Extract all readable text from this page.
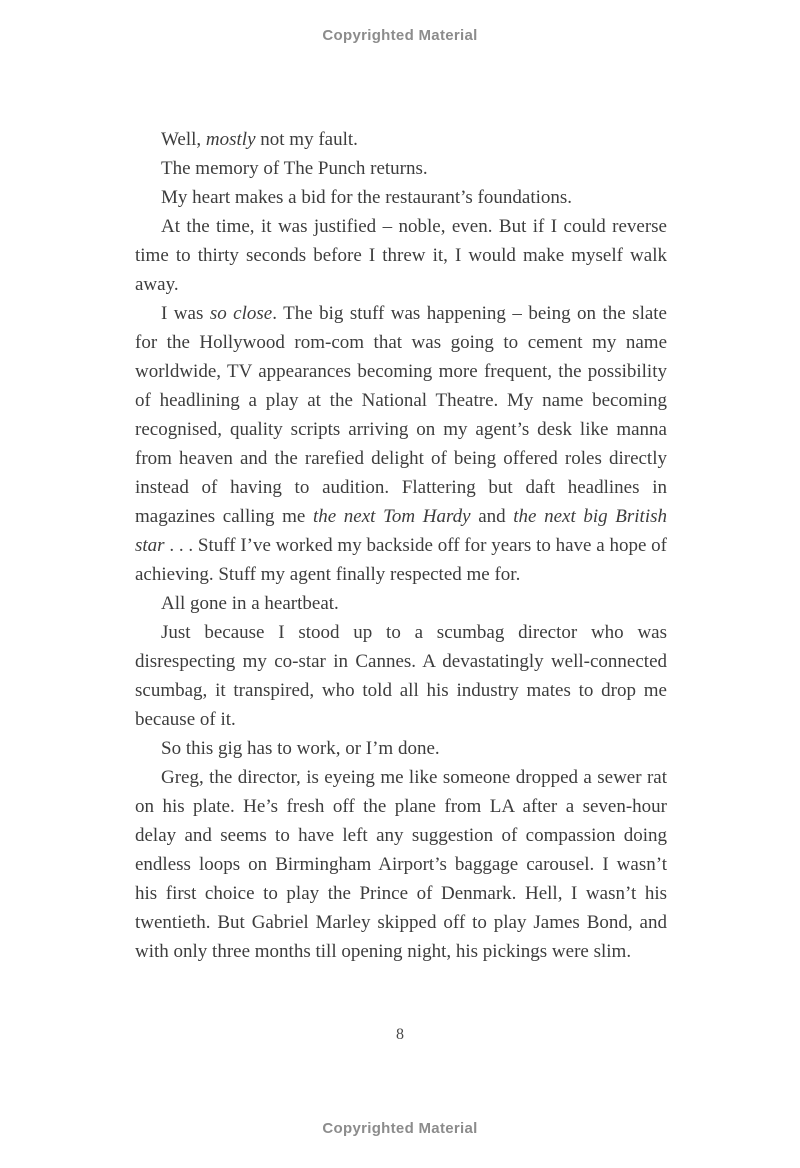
Copyrighted Material

Well, mostly not my fault.

The memory of The Punch returns.

My heart makes a bid for the restaurant’s foundations.

At the time, it was justified – noble, even. But if I could reverse time to thirty seconds before I threw it, I would make myself walk away.

I was so close. The big stuff was happening – being on the slate for the Hollywood rom-com that was going to cement my name worldwide, TV appearances becoming more frequent, the possibility of headlining a play at the National Theatre. My name becoming recognised, quality scripts arriving on my agent’s desk like manna from heaven and the rarefied delight of being offered roles directly instead of having to audition. Flattering but daft headlines in magazines calling me the next Tom Hardy and the next big British star . . . Stuff I’ve worked my backside off for years to have a hope of achieving. Stuff my agent finally respected me for.

All gone in a heartbeat.

Just because I stood up to a scumbag director who was disrespecting my co-star in Cannes. A devastatingly well-connected scumbag, it transpired, who told all his industry mates to drop me because of it.

So this gig has to work, or I’m done.

Greg, the director, is eyeing me like someone dropped a sewer rat on his plate. He’s fresh off the plane from LA after a seven-hour delay and seems to have left any suggestion of compassion doing endless loops on Birmingham Airport’s baggage carousel. I wasn’t his first choice to play the Prince of Denmark. Hell, I wasn’t his twentieth. But Gabriel Marley skipped off to play James Bond, and with only three months till opening night, his pickings were slim.

8
Copyrighted Material
